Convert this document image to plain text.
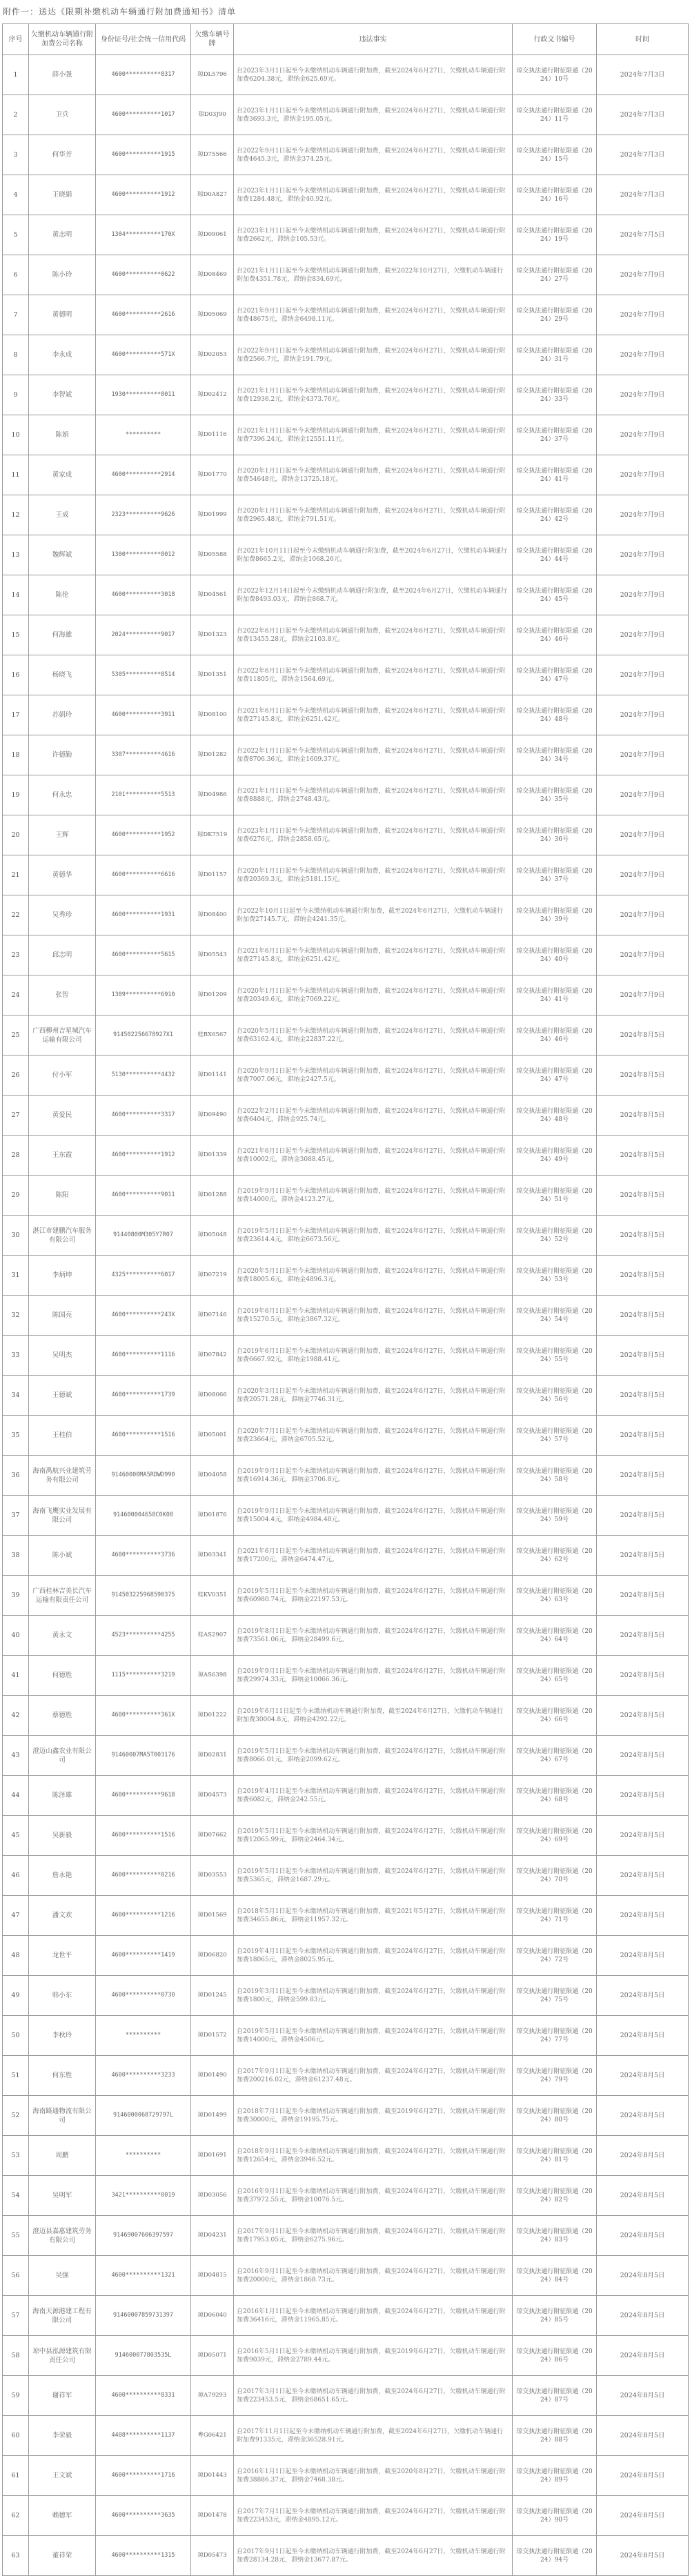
附件一：送达《限期补缴机动车辆通行附加费通知书》清单
序号	欠缴机动车辆通行附加费公司名称	身份证号/社会统一信用代码	欠缴车辆号牌	违法事实	行政文书编号	时间
1	薛小强	4600**********8317	琼DL5796	自2023年3月1日起至今未缴纳机动车辆通行附加费，截至2024年6月27日，欠缴机动车辆通行附加费6204.38元，滞纳金625.69元。	琼交执法通行附征限通（2024）10号	2024年7月3日
2	卫兵	4600**********1017	琼D03J90	自2023年1月1日起至今未缴纳机动车辆通行附加费，截至2024年6月27日，欠缴机动车辆通行附加费3693.3元，滞纳金195.05元。	琼交执法通行附征限通（2024）11号	2024年7月3日
3	何华芳	4600**********1915	琼D75566	自2022年9月1日起至今未缴纳机动车辆通行附加费，截至2024年6月27日，欠缴机动车辆通行附加费4645.3元，滞纳金374.25元。	琼交执法通行附征限通（2024）15号	2024年7月3日
4	王晓娟	4600**********1912	琼D0A827	自2023年1月1日起至今未缴纳机动车辆通行附加费，截至2024年6月27日，欠缴机动车辆通行附加费1284.48元，滞纳金40.92元。	琼交执法通行附征限通（2024）16号	2024年7月3日
5	黄志明	1304**********170X	琼D09061	自2023年1月1日起至今未缴纳机动车辆通行附加费，截至2024年6月27日，欠缴机动车辆通行附加费2662元，滞纳金105.53元。	琼交执法通行附征限通（2024）19号	2024年7月5日
6	陈小玲	4600**********0622	琼D08469	自2021年1月1日起至今未缴纳机动车辆通行附加费，截至2022年10月27日，欠缴机动车辆通行附加费4351.78元，滞纳金834.69元。	琼交执法通行附征限通（2024）27号	2024年7月9日
7	黄德明	4600**********2616	琼D05069	自2021年9月1日起至今未缴纳机动车辆通行附加费，截至2024年6月27日，欠缴机动车辆通行附加费48675元，滞纳金6498.11元。	琼交执法通行附征限通（2024）29号	2024年7月9日
8	李永成	4600**********571X	琼D02053	自2022年9月1日起至今未缴纳机动车辆通行附加费，截至2024年6月27日，欠缴机动车辆通行附加费2566.7元，滞纳金191.79元。	琼交执法通行附征限通（2024）31号	2024年7月9日
9	李智斌	1930**********8011	琼D02412	自2021年1月1日起至今未缴纳机动车辆通行附加费，截至2024年6月27日，欠缴机动车辆通行附加费12936.2元，滞纳金4373.76元。	琼交执法通行附征限通（2024）33号	2024年7月9日
10	陈娟	**********	琼D01116	自2021年1月1日起至今未缴纳机动车辆通行附加费，截至2024年6月27日，欠缴机动车辆通行附加费7396.24元，滞纳金12551.11元。	琼交执法通行附征限通（2024）37号	2024年7月9日
11	黄家成	4600**********2914	琼D01770	自2020年1月1日起至今未缴纳机动车辆通行附加费，截至2024年6月27日，欠缴机动车辆通行附加费54648元，滞纳金13725.18元。	琼交执法通行附征限通（2024）41号	2024年7月9日
12	王成	2323**********9626	琼D01999	自2020年1月1日起至今未缴纳机动车辆通行附加费，截至2024年6月27日，欠缴机动车辆通行附加费2965.48元，滞纳金791.51元。	琼交执法通行附征限通（2024）42号	2024年7月9日
13	魏辉斌	1300**********8012	琼D05588	自2021年10月11日起至今未缴纳机动车辆通行附加费，截至2024年6月27日，欠缴机动车辆通行附加费8665.2元，滞纳金1068.26元。	琼交执法通行附征限通（2024）44号	2024年7月9日
14	陈伦	4600**********3018	琼D04561	自2022年12月14日起至今未缴纳机动车辆通行附加费，截至2024年6月27日，欠缴机动车辆通行附加费8493.03元，滞纳金868.7元。	琼交执法通行附征限通（2024）45号	2024年7月9日
15	何海雄	2024**********9017	琼D01323	自2022年6月1日起至今未缴纳机动车辆通行附加费，截至2024年6月27日，欠缴机动车辆通行附加费13455.28元，滞纳金2103.8元。	琼交执法通行附征限通（2024）46号	2024年7月9日
16	杨晓飞	5305**********8514	琼D01351	自2022年6月1日起至今未缴纳机动车辆通行附加费，截至2024年6月27日，欠缴机动车辆通行附加费11805元，滞纳金1564.69元。	琼交执法通行附征限通（2024）47号	2024年7月9日
17	苏娟玲	4600**********3911	琼D08100	自2021年6月1日起至今未缴纳机动车辆通行附加费，截至2024年6月27日，欠缴机动车辆通行附加费27145.8元，滞纳金6251.42元。	琼交执法通行附征限通（2024）48号	2024年7月9日
18	许德勤	3307**********4616	琼D01282	自2022年1月1日起至今未缴纳机动车辆通行附加费，截至2024年6月27日，欠缴机动车辆通行附加费8706.36元，滞纳金1609.37元。	琼交执法通行附征限通（2024）34号	2024年7月9日
19	何永忠	2101**********5513	琼D04986	自2021年1月1日起至今未缴纳机动车辆通行附加费，截至2024年6月27日，欠缴机动车辆通行附加费8888元，滞纳金2748.43元。	琼交执法通行附征限通（2024）35号	2024年7月9日
20	王辉	4600**********1952	琼DK7519	自2023年1月1日起至今未缴纳机动车辆通行附加费，截至2024年6月27日，欠缴机动车辆通行附加费6276元，滞纳金2858.65元。	琼交执法通行附征限通（2024）36号	2024年7月9日
21	黄德华	4600**********6616	琼D01157	自2020年1月1日起至今未缴纳机动车辆通行附加费，截至2024年6月27日，欠缴机动车辆通行附加费20369.3元，滞纳金5181.15元。	琼交执法通行附征限通（2024）37号	2024年7月9日
22	吴秀珍	4600**********1931	琼D08400	自2022年10月1日起至今未缴纳机动车辆通行附加费，截至2024年6月27日，欠缴机动车辆通行附加费27145.7元，滞纳金4241.35元。	琼交执法通行附征限通（2024）39号	2024年7月9日
23	邱志明	4600**********5615	琼D05543	自2021年6月1日起至今未缴纳机动车辆通行附加费，截至2024年6月27日，欠缴机动车辆通行附加费27145.8元，滞纳金6251.42元。	琼交执法通行附征限通（2024）40号	2024年7月9日
24	张智	1309**********6910	琼D01209	自2020年1月1日起至今未缴纳机动车辆通行附加费，截至2024年6月27日，欠缴机动车辆通行附加费20349.6元，滞纳金7069.22元。	琼交执法通行附征限通（2024）41号	2024年7月9日
25	广西柳州吉星城汽车运输有限公司	91450225667892​7X1	桂BX6567	自2020年5月1日起至今未缴纳机动车辆通行附加费，截至2024年6月27日，欠缴机动车辆通行附加费63162.4元，滞纳金22837.22元。	琼交执法通行附征限通（2024）46号	2024年8月5日
26	付小军	5130**********4432	琼D01141	自2020年9月1日起至今未缴纳机动车辆通行附加费，截至2024年6月27日，欠缴机动车辆通行附加费7007.06元，滞纳金2427.5元。	琼交执法通行附征限通（2024）47号	2024年8月5日
27	黄爱民	4600**********3317	琼D09490	自2022年2月1日起至今未缴纳机动车辆通行附加费，截至2024年6月27日，欠缴机动车辆通行附加费6404元，滞纳金925.74元。	琼交执法通行附征限通（2024）48号	2024年8月5日
28	王东霞	4600**********1912	琼D01339	自2021年6月1日起至今未缴纳机动车辆通行附加费，截至2024年6月27日，欠缴机动车辆通行附加费10002元，滞纳金3088.45元。	琼交执法通行附征限通（2024）49号	2024年8月5日
29	陈阳	4600**********9011	琼D01288	自2019年9月1日起至今未缴纳机动车辆通行附加费，截至2024年6月27日，欠缴机动车辆通行附加费14000元，滞纳金4123.27元。	琼交执法通行附征限通（2024）51号	2024年8月5日
30	湛江市建鹏汽车服务有限公司	91440800M305Y7R07	琼D05048	自2019年5月1日起至今未缴纳机动车辆通行附加费，截至2024年6月27日，欠缴机动车辆通行附加费23614.4元，滞纳金6673.56元。	琼交执法通行附征限通（2024）52号	2024年8月5日
31	李炳坤	4325**********6017	琼D07219	自2020年5月1日起至今未缴纳机动车辆通行附加费，截至2024年6月27日，欠缴机动车辆通行附加费18005.6元，滞纳金4896.3元。	琼交执法通行附征限通（2024）53号	2024年8月5日
32	陈国亮	4600**********243X	琼D07146	自2019年6月1日起至今未缴纳机动车辆通行附加费，截至2024年6月27日，欠缴机动车辆通行附加费15270.5元，滞纳金3867.32元。	琼交执法通行附征限通（2024）54号	2024年8月5日
33	吴明杰	4600**********1116	琼D07842	自2019年6月1日起至今未缴纳机动车辆通行附加费，截至2024年6月27日，欠缴机动车辆通行附加费6667.92元，滞纳金1988.41元。	琼交执法通行附征限通（2024）55号	2024年8月5日
34	王德斌	4600**********1739	琼D08066	自2020年3月1日起至今未缴纳机动车辆通行附加费，截至2024年6月27日，欠缴机动车辆通行附加费20571.28元，滞纳金7746.31元。	琼交执法通行附征限通（2024）56号	2024年8月5日
35	王桂伯	4600**********1516	琼D05001	自2020年7月1日起至今未缴纳机动车辆通行附加费，截至2024年6月27日，欠缴机动车辆通行附加费23664元，滞纳金6705.52元。	琼交执法通行附征限通（2024）57号	2024年8月5日
36	海南禹航兴业建筑劳务有限公司	91460000MA5RDWD990	琼D04058	自2019年9月1日起至今未缴纳机动车辆通行附加费，截至2024年6月27日，欠缴机动车辆通行附加费16914.36元，滞纳金3706.8元。	琼交执法通行附征限通（2024）58号	2024年8月5日
37	海南飞鹰实业发展有限公司	914600004658C0K08	琼D01876	自2019年9月1日起至今未缴纳机动车辆通行附加费，截至2024年6月27日，欠缴机动车辆通行附加费15004.4元，滞纳金4984.48元。	琼交执法通行附征限通（2024）59号	2024年8月5日
38	陈小斌	4600**********3736	琼D03341	自2021年6月1日起至今未缴纳机动车辆通行附加费，截至2024年6月27日，欠缴机动车辆通行附加费17200元，滞纳金6474.47元。	琼交执法通行附征限通（2024）62号	2024年8月5日
39	广西桂林吉美长汽车运输有限责任公司	914503225968590375	桂KV0351	自2019年5月1日起至今未缴纳机动车辆通行附加费，截至2024年6月27日，欠缴机动车辆通行附加费60980.74元，滞纳金22197.53元。	琼交执法通行附征限通（2024）63号	2024年8月5日
40	黄永文	4523**********4255	桂AS2907	自2019年8月1日起至今未缴纳机动车辆通行附加费，截至2024年6月27日，欠缴机动车辆通行附加费73561.06元，滞纳金28499.6元。	琼交执法通行附征限通（2024）64号	2024年8月5日
41	何德胜	1115**********3219	琼AS6398	自2019年9月1日起至今未缴纳机动车辆通行附加费，截至2024年6月27日，欠缴机动车辆通行附加费29974.33元，滞纳金10066.36元。	琼交执法通行附征限通（2024）65号	2024年8月5日
42	蔡德胜	4600**********361X	琼D01222	自2019年6月11日起至今未缴纳机动车辆通行附加费，截至2024年6月27日，欠缴机动车辆通行附加费30004.8元，滞纳金4292.22元。	琼交执法通行附征限通（2024）66号	2024年8月5日
43	澄迈山鑫农业有限公司	91460007MA5T003176	琼D02831	自2019年5月1日起至今未缴纳机动车辆通行附加费，截至2024年6月27日，欠缴机动车辆通行附加费8066.01元，滞纳金2099.62元。	琼交执法通行附征限通（2024）67号	2024年8月5日
44	陈泽雄	4600**********9618	琼D04573	自2019年4月1日起至今未缴纳机动车辆通行附加费，截至2024年6月27日，欠缴机动车辆通行附加费6082元，滞纳金242.55元。	琼交执法通行附征限通（2024）68号	2024年8月5日
45	吴新毅	4600**********1516	琼D07662	自2019年5月1日起至今未缴纳机动车辆通行附加费，截至2024年6月27日，欠缴机动车辆通行附加费12065.99元，滞纳金2464.34元。	琼交执法通行附征限通（2024）69号	2024年8月5日
46	詹永艳	4600**********0216	琼D03553	自2019年5月1日起至今未缴纳机动车辆通行附加费，截至2024年6月27日，欠缴机动车辆通行附加费5365元，滞纳金1687.29元。	琼交执法通行附征限通（2024）70号	2024年8月5日
47	潘文欢	4600**********1216	琼D01569	自2018年5月1日起至今未缴纳机动车辆通行附加费，截至2021年5月27日，欠缴机动车辆通行附加费34655.86元，滞纳金11957.32元。	琼交执法通行附征限通（2024）71号	2024年8月5日
48	龙世平	4600**********1419	琼D06820	自2019年4月1日起至今未缴纳机动车辆通行附加费，截至2024年6月27日，欠缴机动车辆通行附加费18065元，滞纳金8025.95元。	琼交执法通行附征限通（2024）72号	2024年8月5日
49	韩小东	4600**********0730	琼D01245	自2019年3月1日起至今未缴纳机动车辆通行附加费，截至2024年6月27日，欠缴机动车辆通行附加费1800元，滞纳金599.83元。	琼交执法通行附征限通（2024）75号	2024年8月5日
50	李秋玲	**********	琼D01572	自2019年5月1日起至今未缴纳机动车辆通行附加费，截至2024年6月27日，欠缴机动车辆通行附加费14000元，滞纳金4506元。	琼交执法通行附征限通（2024）77号	2024年8月5日
51	何东胜	4600**********3233	琼D01490	自2017年9月1日起至今未缴纳机动车辆通行附加费，截至2024年6月27日，欠缴机动车辆通行附加费200216.02元，滞纳金61237.48元。	琼交执法通行附征限通（2024）79号	2024年8月5日
52	海南路通物流有限公司	9146000068729797L	琼D01499	自2018年7月1日起至今未缴纳机动车辆通行附加费，截至2019年6月27日，欠缴机动车辆通行附加费30000元，滞纳金19195.75元。	琼交执法通行附征限通（2024）80号	2024年8月5日
53	周鹏	**********	琼D01691	自2018年9月1日起至今未缴纳机动车辆通行附加费，截至2024年6月27日，欠缴机动车辆通行附加费12654元，滞纳金3946.52元。	琼交执法通行附征限通（2024）81号	2024年8月5日
54	吴明军	3421**********0019	琼D03056	自2016年9月1日起至今未缴纳机动车辆通行附加费，截至2024年6月27日，欠缴机动车辆通行附加费37972.55元，滞纳金10076.5元。	琼交执法通行附征限通（2024）82号	2024年8月5日
55	澄迈县嘉惠建筑劳务有限公司	91469007606397597	琼D04231	自2017年9月1日起至今未缴纳机动车辆通行附加费，截至2024年6月27日，欠缴机动车辆通行附加费17953.05元，滞纳金6275.96元。	琼交执法通行附征限通（2024）83号	2024年8月5日
56	吴强	4600**********1321	琼D04815	自2016年9月1日起至今未缴纳机动车辆通行附加费，截至2024年6月27日，欠缴机动车辆通行附加费20000元，滞纳金1868.73元。	琼交执法通行附征限通（2024）84号	2024年8月5日
57	海南天源港建工程有限公司	91460007859731397	琼D06040	自2016年1月1日起至今未缴纳机动车辆通行附加费，截至2024年6月27日，欠缴机动车辆通行附加费36416元，滞纳金11965.85元。	琼交执法通行附征限通（2024）85号	2024年8月5日
58	琼中县泓源建筑有限责任公司	914600077803535L	琼D05071	自2016年5月1日起至今未缴纳机动车辆通行附加费，截至2019年6月27日，欠缴机动车辆通行附加费9039元，滞纳金2789.44元。	琼交执法通行附征限通（2024）86号	2024年8月5日
59	谢祥军	4600**********8331	琼A79293	自2017年3月1日起至今未缴纳机动车辆通行附加费，截至2024年6月27日，欠缴机动车辆通行附加费223453.5元，滞纳金68651.65元。	琼交执法通行附征限通（2024）87号	2024年8月5日
60	李荣毅	4408**********1137	粤G06421	自2017年11月1日起至今未缴纳机动车辆通行附加费，截至2024年6月27日，欠缴机动车辆通行附加费91335元，滞纳金36528.91元。	琼交执法通行附征限通（2024）88号	2024年8月5日
61	王文斌	4600**********1716	琼D01443	自2016年1月1日起至今未缴纳机动车辆通行附加费，截至2020年8月27日，欠缴机动车辆通行附加费38886.37元，滞纳金7468.38元。	琼交执法通行附征限通（2024）89号	2024年8月5日
62	赖德军	4600**********3635	琼D01478	自2017年7月1日起至今未缴纳机动车辆通行附加费，截至2024年6月27日，欠缴机动车辆通行附加费223453元，滞纳金4895.12元。	琼交执法通行附征限通（2024）90号	2024年8月5日
63	董祥荣	4600**********1315	琼D05473	自2017年9月1日起至今未缴纳机动车辆通行附加费，截至2024年6月27日，欠缴机动车辆通行附加费28134.28元，滞纳金13677.87元。	琼交执法通行附征限通（2024）94号	2024年8月5日
